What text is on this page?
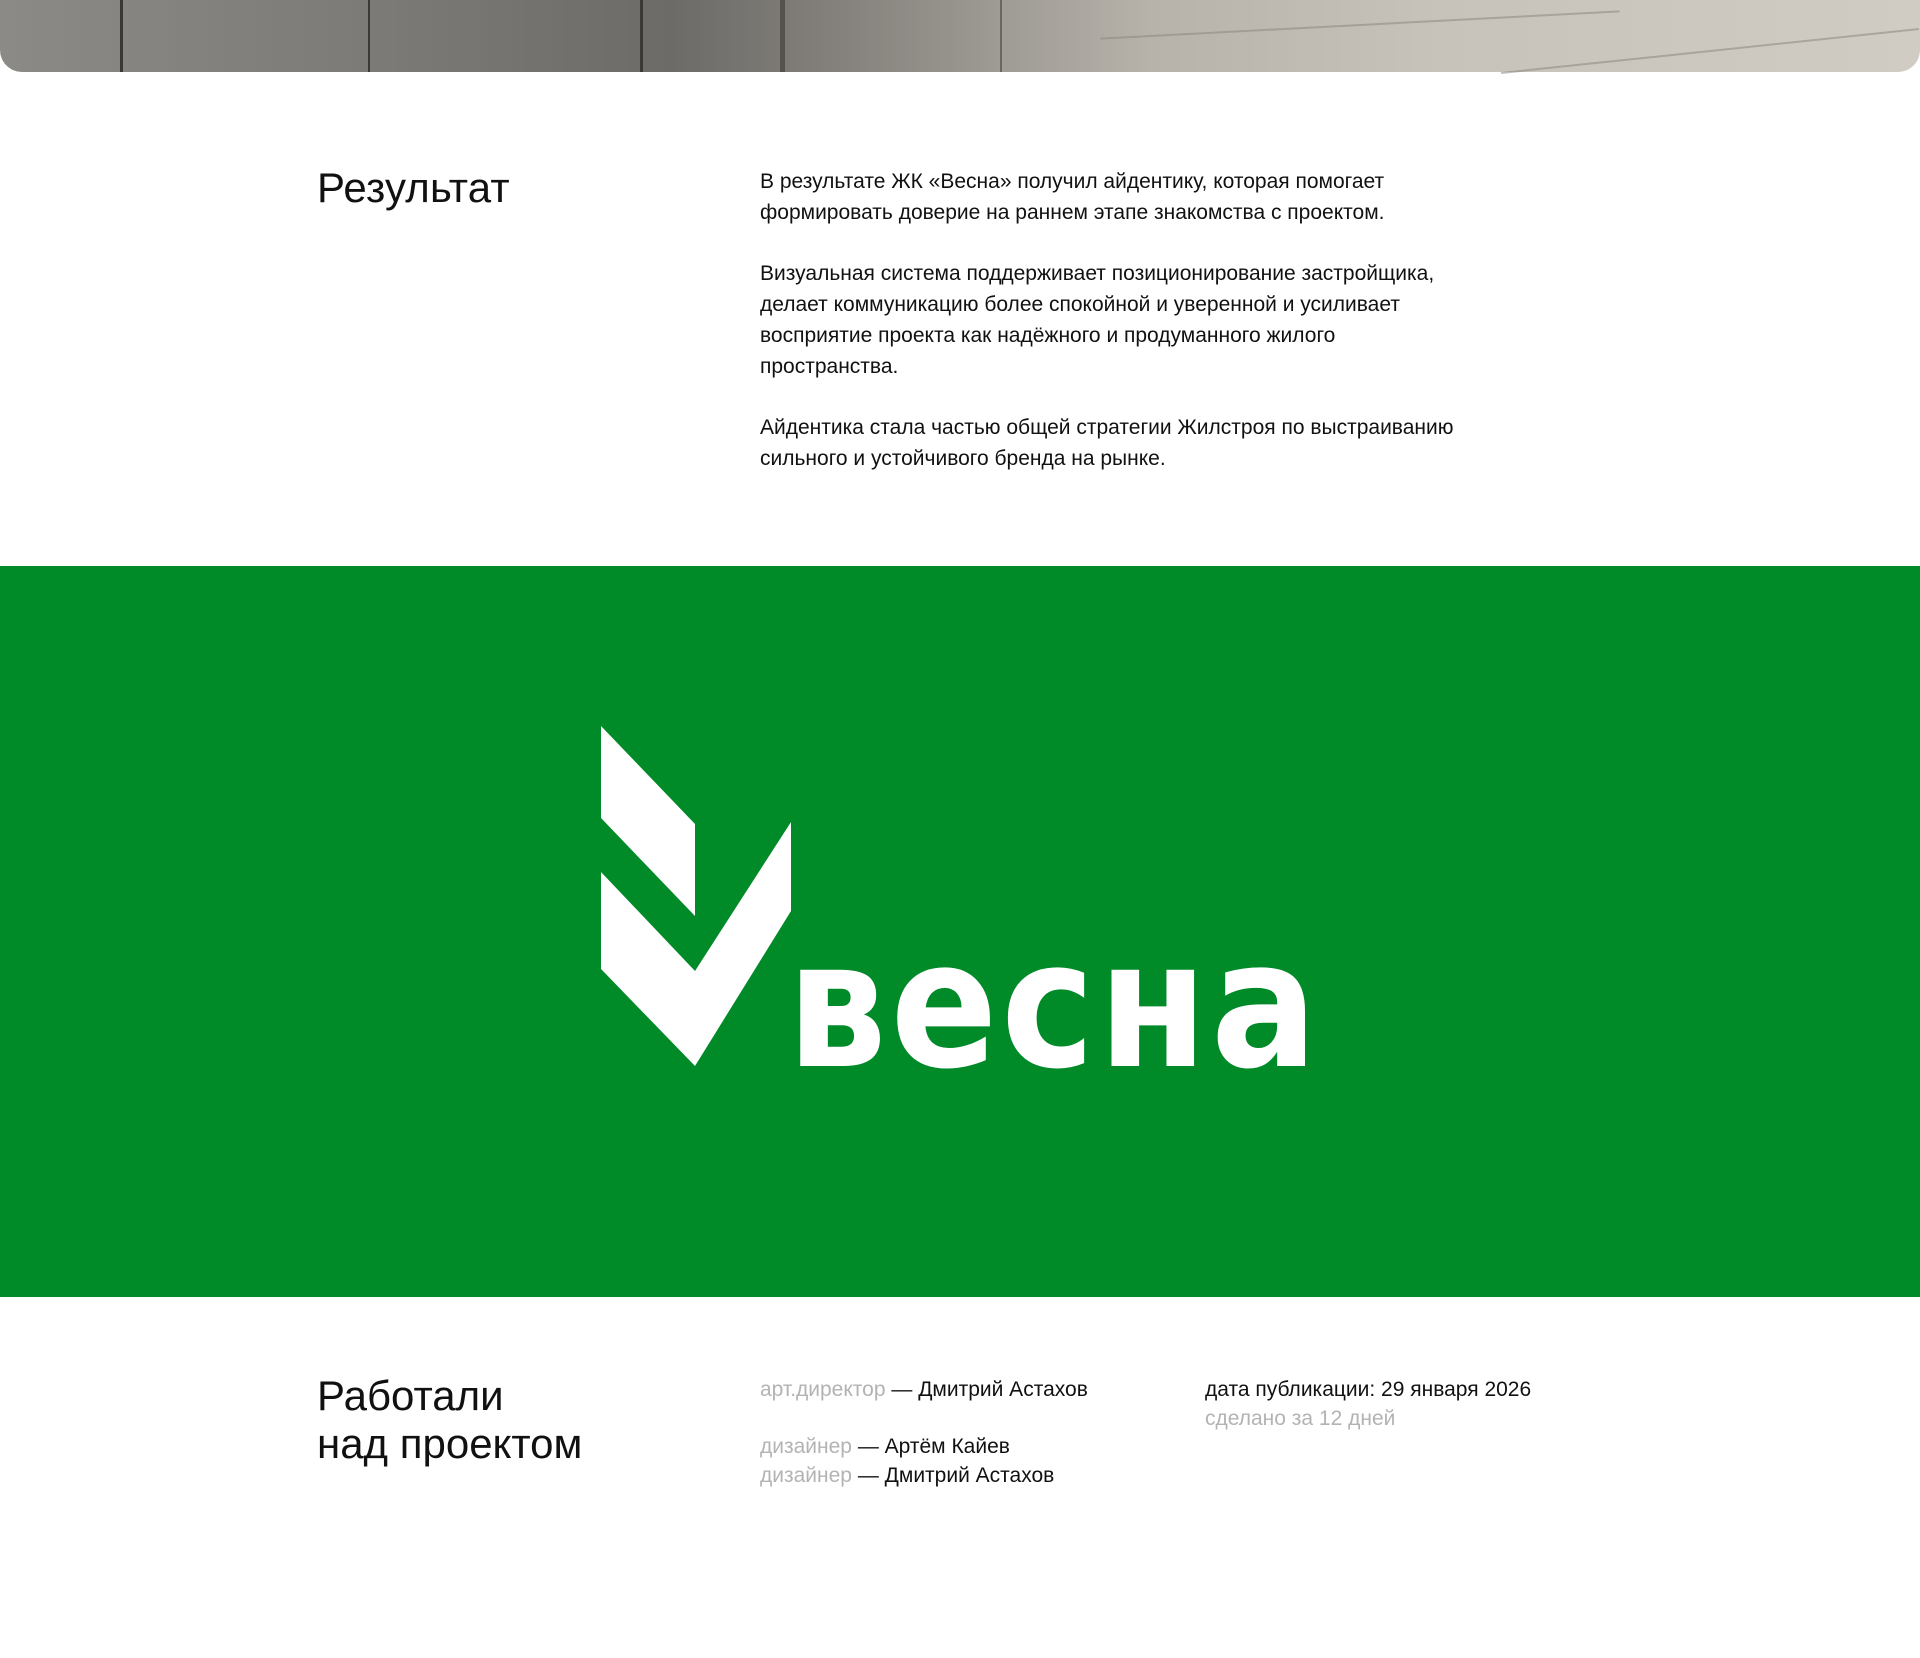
Результат	В результате ЖК «Весна» получил айдентику, которая помогает
формировать доверие на раннем этапе знакомства с проектом.

Визуальная система поддерживает позиционирование застройщика,
делает коммуникацию более спокойной и уверенной и усиливает
восприятие проекта как надёжного и продуманного жилого
пространства.

Айдентика стала частью общей стратегии Жилстроя по выстраиванию
сильного и устойчивого бренда на рынке.

весна
Работали
над проектом
арт.директор — Дмитрий Астахов
дизайнер — Артём Кайев
дизайнер — Дмитрий Астахов
дата публикации: 29 января 2026
сделано за 12 дней
